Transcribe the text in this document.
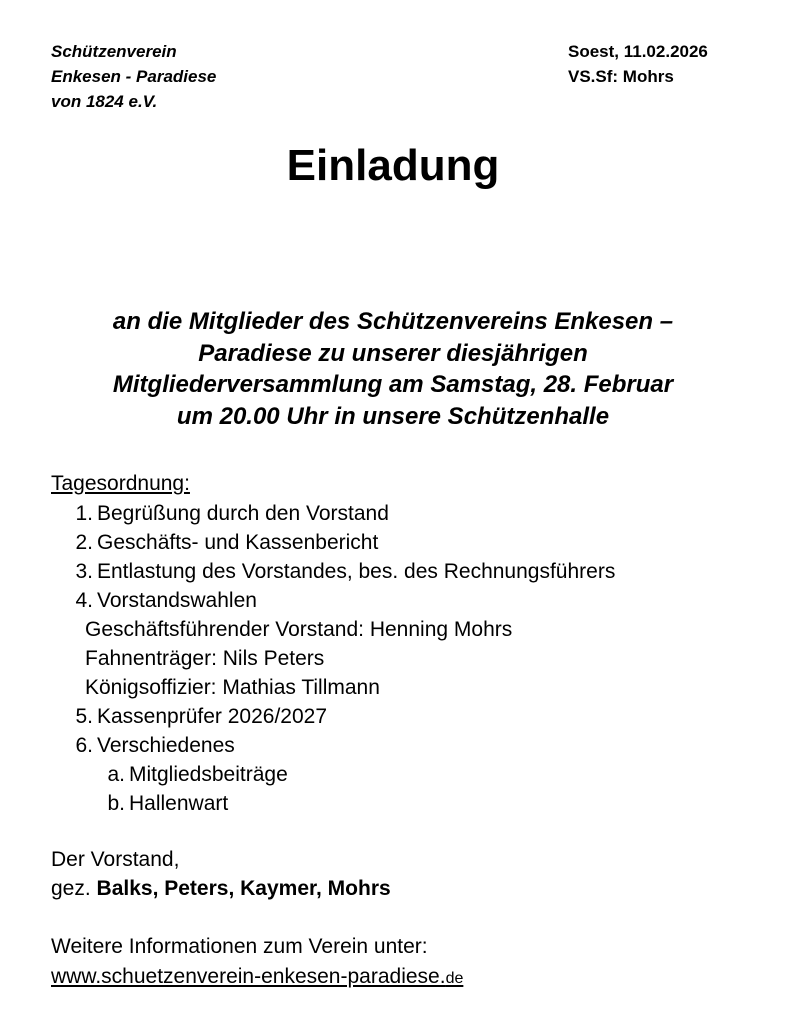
Schützenverein
Enkesen - Paradiese
von 1824 e.V.
Soest, 11.02.2026
VS.Sf: Mohrs
Einladung
an die Mitglieder des Schützenvereins Enkesen –
Paradiese zu unserer diesjährigen
Mitgliederversammlung am Samstag, 28. Februar
um 20.00 Uhr in unsere Schützenhalle
Tagesordnung:
1. Begrüßung durch den Vorstand
2. Geschäfts- und Kassenbericht
3. Entlastung des Vorstandes, bes. des Rechnungsführers
4. Vorstandswahlen
Geschäftsführender Vorstand: Henning Mohrs
Fahnenträger: Nils Peters
Königsoffizier: Mathias Tillmann
5. Kassenprüfer 2026/2027
6. Verschiedenes
a. Mitgliedsbeiträge
b. Hallenwart
Der Vorstand,
gez. Balks, Peters, Kaymer, Mohrs
Weitere Informationen zum Verein unter:
www.schuetzenverein-enkesen-paradiese.de
